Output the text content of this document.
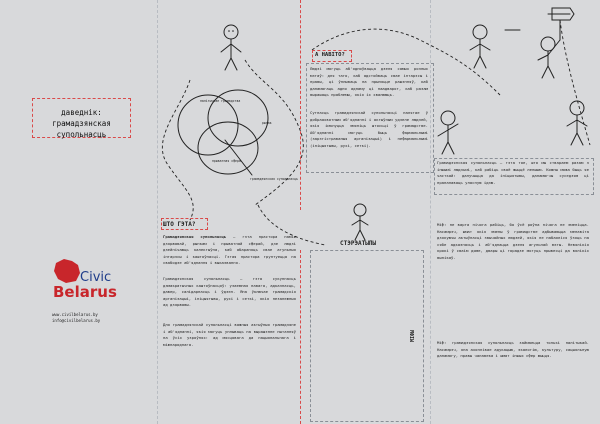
даведнік:
грамадзянская
супольнасць
палітычнае грамадства
рынак
прыватная сфера
грамадзянская супольнасць
А НАВІТО?

Людзі могуць аб'ядноўвацца дзеля самых розных мэтаў: для таго, каб адстойваць свае інтарэсы і правы, ці ўплываць на прыняцце рашэнняў, каб дапамагаць адно аднаму ці наадварот, каб разам вырашаць праблемы, якія іх хвалююць.

Сутнасць грамадзянскай супольнасці палягае ў добраахвотным аб'яднанні і актыўным удзеле людзей, якія імкнуцца змяніць штосьці ў грамадстве. Аб'яднанні могуць быць фармальнымі (зарэгістраваныя арганізацыі) і нефармальнымі (ініцыятывы, рухі, сеткі).

ШТО ГЭТА?
Грамадзянская супольнасць – гэта прастора паміж дзяржавай, рынкам і прыватнай сферай, дзе людзі дзейнічаюць калектыўна, каб абараняць свае агульныя інтарэсы і каштоўнасці. Гэтая прастора грунтуецца на свабодзе аб'яднання і выказвання.

Грамадзянская супольнасць – гэта сукупнасць дэмакратычных каштоўнасцяў: узаемная павага, адказнасць, давер, салідарнасць і ўдзел. Яна ўключае грамадскія арганізацыі, ініцыятывы, рухі і сеткі, якія незалежныя ад дзяржавы.

Для грамадзянскай супольнасці важныя актыўныя грамадзяне і аб'яднанні, якія могуць уплываць на вырашэнне пытанняў на ўсіх узроўнях: ад мясцовага да нацыянальнага і міжнароднага.

Civic
Belarus
www.civilbelarus.by
info@civilbelarus.by
СТЭРЭАТЫПЫ
МІФЫ

Грамадзянская супольнасць – гэта тое, што мы ствараем разам з іншымі людзьмі, каб рабіць сваё жыццё лепшым. Кожны можа быць яе часткай: далучыцца да ініцыятывы, дапамагчы суседзям ці прапанаваць уласную ідэю.

Міф: не варта нічога рабіць, бо ўсё роўна нічога не зменіцца. Насамрэч, шмат якія змены ў грамадстве адбываюцца менавіта дзякуючы актыўнасці звычайных людзей, якія не пабаяліся ўзяць на сябе адказнасць і аб'яднацца дзеля агульнай мэты. Невялікія крокі ў сваім доме, двары ці горадзе могуць прывесці да вялікіх вынікаў.

Міф: грамадзянская супольнасць займаецца толькі палітыкай. Насамрэч, яна ахоплівае адукацыю, экалогію, культуру, сацыяльную дапамогу, правы чалавека і шмат іншых сфер жыцця.
